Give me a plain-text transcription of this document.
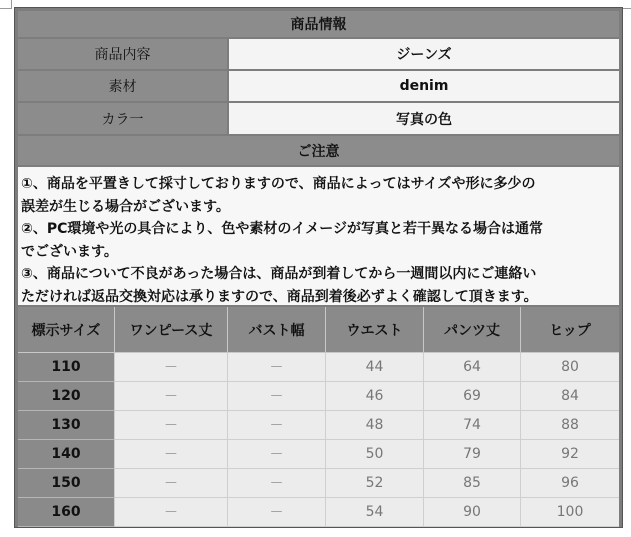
商品情報
商品内容	ジーンズ
素材	denim
カラ一	写真の色
ご注意
①、商品を平置きして採寸しておりますので、商品によってはサイズや形に多少の
誤差が生じる場合がございます。
②、PC環境や光の具合により、色や素材のイメージが写真と若干異なる場合は通常
でございます。
③、商品について不良があった場合は、商品が到着してから一週間以内にご連絡い
ただければ返品交換対応は承りますので、商品到着後必ずよく確認して頂きます。
標示サイズ	ワンピース丈	バスト幅	ウエスト	パンツ丈	ヒップ
110	－	－	44	64	80
120	－	－	46	69	84
130	－	－	48	74	88
140	－	－	50	79	92
150	－	－	52	85	96
160	－	－	54	90	100
